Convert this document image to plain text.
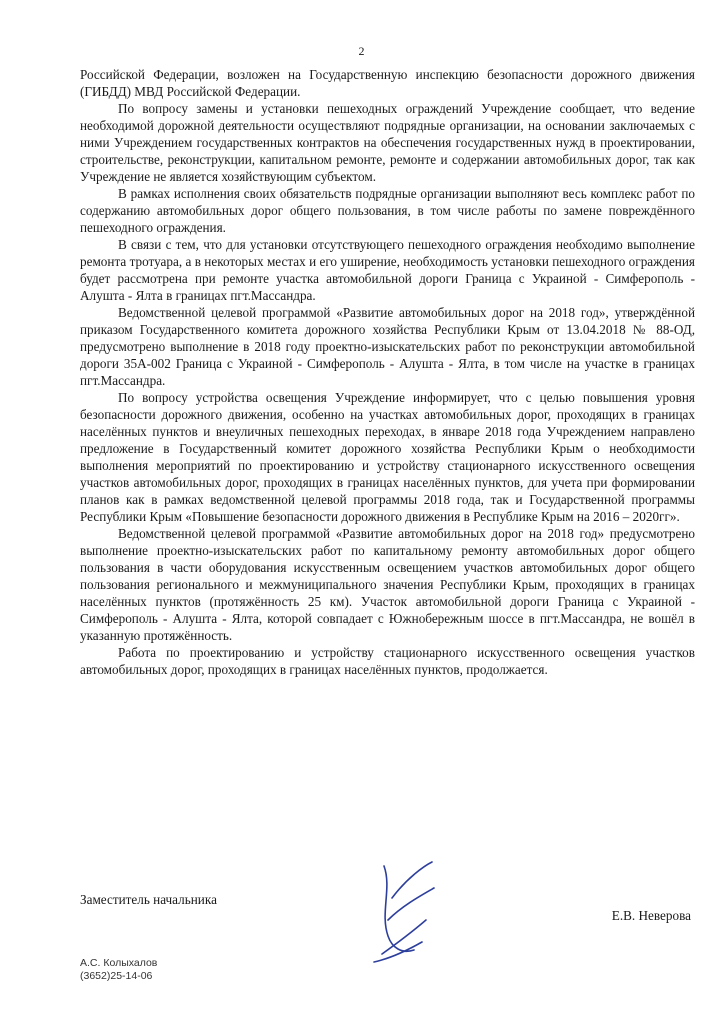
2

Российской Федерации, возложен на Государственную инспекцию безопасности дорожного движения (ГИБДД) МВД Российской Федерации.

По вопросу замены и установки пешеходных ограждений Учреждение сообщает, что ведение необходимой дорожной деятельности осуществляют подрядные организации, на основании заключаемых с ними Учреждением государственных контрактов на обеспечения государственных нужд в проектировании, строительстве, реконструкции, капитальном ремонте, ремонте и содержании автомобильных дорог, так как Учреждение не является хозяйствующим субъектом.

В рамках исполнения своих обязательств подрядные организации выполняют весь комплекс работ по содержанию автомобильных дорог общего пользования, в том числе работы по замене повреждённого пешеходного ограждения.

В связи с тем, что для установки отсутствующего пешеходного ограждения необходимо выполнение ремонта тротуара, а в некоторых местах и его уширение, необходимость установки пешеходного ограждения будет рассмотрена при ремонте участка автомобильной дороги Граница с Украиной - Симферополь - Алушта - Ялта в границах пгт.Массандра.

Ведомственной целевой программой «Развитие автомобильных дорог на 2018 год», утверждённой приказом Государственного комитета дорожного хозяйства Республики Крым от 13.04.2018 № 88-ОД, предусмотрено выполнение в 2018 году проектно-изыскательских работ по реконструкции автомобильной дороги 35А-002 Граница с Украиной - Симферополь - Алушта - Ялта, в том числе на участке в границах пгт.Массандра.

По вопросу устройства освещения Учреждение информирует, что с целью повышения уровня безопасности дорожного движения, особенно на участках автомобильных дорог, проходящих в границах населённых пунктов и внеуличных пешеходных переходах, в январе 2018 года Учреждением направлено предложение в Государственный комитет дорожного хозяйства Республики Крым о необходимости выполнения мероприятий по проектированию и устройству стационарного искусственного освещения участков автомобильных дорог, проходящих в границах населённых пунктов, для учета при формировании планов как в рамках ведомственной целевой программы 2018 года, так и Государственной программы Республики Крым «Повышение безопасности дорожного движения в Республике Крым на 2016 – 2020гг».

Ведомственной целевой программой «Развитие автомобильных дорог на 2018 год» предусмотрено выполнение проектно-изыскательских работ по капитальному ремонту автомобильных дорог общего пользования в части оборудования искусственным освещением участков автомобильных дорог общего пользования регионального и межмуниципального значения Республики Крым, проходящих в границах населённых пунктов (протяжённость 25 км). Участок автомобильной дороги Граница с Украиной - Симферополь - Алушта - Ялта, которой совпадает с Южнобережным шоссе в пгт.Массандра, не вошёл в указанную протяжённость.

Работа по проектированию и устройству стационарного искусственного освещения участков автомобильных дорог, проходящих в границах населённых пунктов, продолжается.

Заместитель начальника
Е.В. Неверова
А.С. Колыхалов
(3652)25-14-06
